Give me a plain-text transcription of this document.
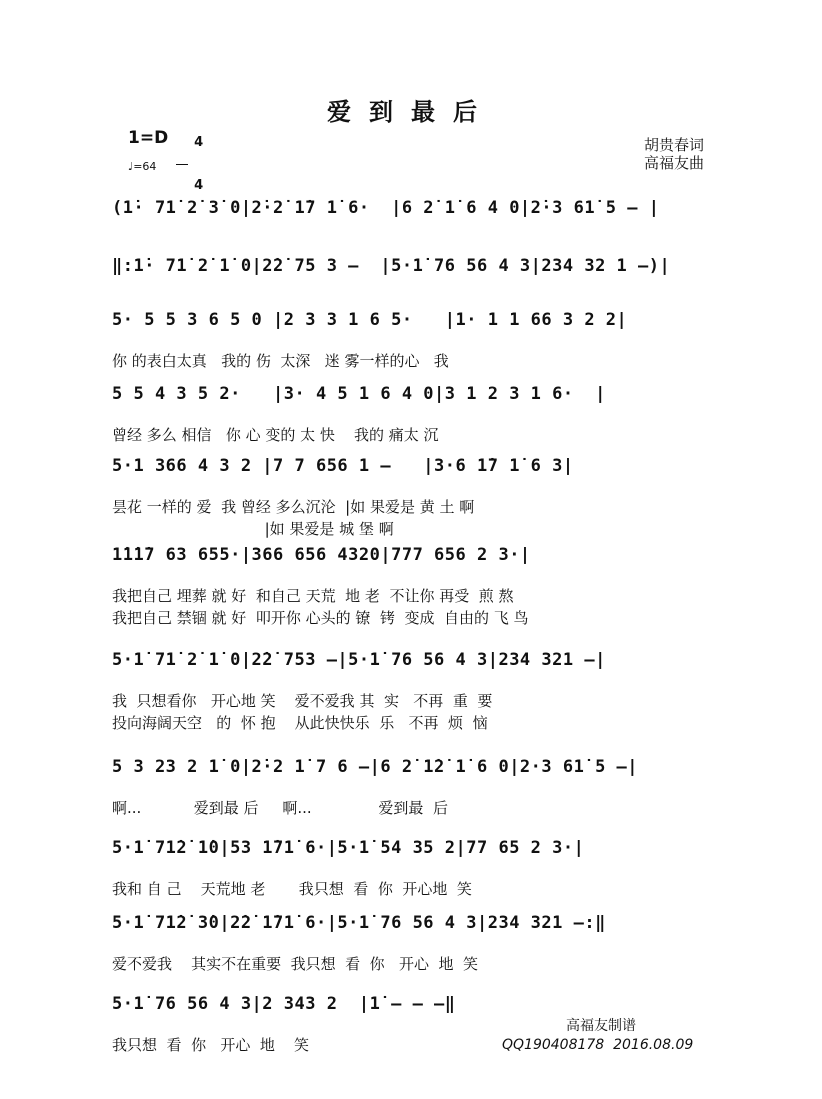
爱到最后
1=D	4

4

♩=64
胡贵春词
高福友曲
(1̇· 71̇ 2̇ 3̇ 0|2̇·2̇ 1̇7 1̇ 6·  |6 2̇ 1̇ 6 4 0|2̇·3 61̇ 5 – |
‖:1̇· 71̇ 2̇ 1̇ 0|2̇2̇ 75 3 –  |5·1̇ 76 56 4 3|234 32 1 –)|
5· 5 5 3 6 5 0 |2 3 3 1 6 5·   |1· 1 1 66 3 2 2|
你 的表白太真   我的 伤  太深   迷 雾一样的心   我
5 5 4 3 5 2·   |3· 4 5 1 6 4 0|3 1 2 3 1 6·  |
曾经 多么 相信   你 心 变的 太 快    我的 痛太 沉
5·1 366 4 3 2 |7 7 656 1 –   |3·6 1̇7 1̇ 6 3|
昙花 一样的 爱  我 曾经 多么沉沦  |如 果爱是 黄 土 啊
|如 果爱是 城 堡 啊
1̇1̇1̇7 63 655·|366 656 4320|777 656 2 3·|
我把自己 埋葬 就 好  和自己 天荒  地 老  不让你 再受  煎 熬
我把自己 禁锢 就 好  叩开你 心头的 镣  铐  变成  自由的 飞 鸟
5·1̇ 71̇ 2̇ 1̇ 0|2̇2̇ 753 –|5·1̇ 76 56 4 3|234 321 –|
我  只想看你   开心地 笑    爱不爱我 其  实   不再  重  要
投向海阔天空   的  怀 抱    从此快快乐  乐   不再  烦  恼
5 3 23 2 1̇ 0|2̇·2 1̇ 7 6 –|6 2̇ 1̇2̇ 1̇ 6 0|2·3 61̇ 5 –|
啊...           爱到最 后     啊...              爱到最  后
5·1̇ 71̇2̇ 1̇0|53 1̇71̇ 6·|5·1̇ 54 35 2|77 65 2 3·|
我和 自 己    天荒地 老       我只想  看  你  开心地  笑
5·1̇ 71̇2̇ 3̇0|2̇2̇ 1̇71̇ 6·|5·1̇ 76 56 4 3|234 321 –:‖
爱不爱我    其实不在重要  我只想  看  你   开心  地  笑
5·1̇ 76 56 4 3|2 343 2  |1̇ – – –‖
我只想  看  你   开心  地    笑
高福友制谱
QQ190408178  2016.08.09
